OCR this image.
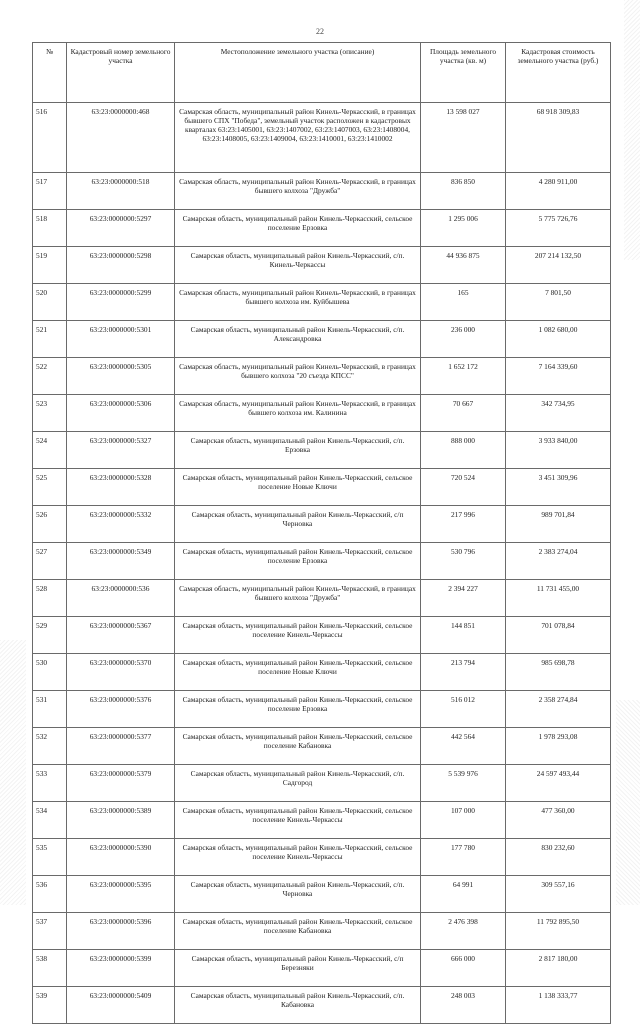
22
№	Кадастровый номер земельного участка	Местоположение земельного участка (описание)	Площадь земельного участка (кв. м)	Кадастровая стоимость земельного участка (руб.)
516	63:23:0000000:468	Самарская область, муниципальный район Кинель-Черкасский, в границах бывшего СПХ "Победа", земельный участок расположен в кадастровых кварталах 63:23:1405001, 63:23:1407002, 63:23:1407003, 63:23:1408004, 63:23:1408005, 63:23:1409004, 63:23:1410001, 63:23:1410002	13 598 027	68 918 309,83
517	63:23:0000000:518	Самарская область, муниципальный район Кинель-Черкасский, в границах бывшего колхоза "Дружба"	836 850	4 280 911,00
518	63:23:0000000:5297	Самарская область, муниципальный район Кинель-Черкасский, сельское поселение Ерзовка	1 295 006	5 775 726,76
519	63:23:0000000:5298	Самарская область, муниципальный район Кинель-Черкасский, с/п. Кинель-Черкассы	44 936 875	207 214 132,50
520	63:23:0000000:5299	Самарская область, муниципальный район Кинель-Черкасский, в границах бывшего колхоза им. Куйбышева	165	7 801,50
521	63:23:0000000:5301	Самарская область, муниципальный район Кинель-Черкасский, с/п. Александровка	236 000	1 082 680,00
522	63:23:0000000:5305	Самарская область, муниципальный район Кинель-Черкасский, в границах бывшего колхоза "20 съезда КПСС"	1 652 172	7 164 339,60
523	63:23:0000000:5306	Самарская область, муниципальный район Кинель-Черкасский, в границах бывшего колхоза им. Калинина	70 667	342 734,95
524	63:23:0000000:5327	Самарская область, муниципальный район Кинель-Черкасский, с/п. Ерзовка	888 000	3 933 840,00
525	63:23:0000000:5328	Самарская область, муниципальный район Кинель-Черкасский, сельское поселение Новые Ключи	720 524	3 451 309,96
526	63:23:0000000:5332	Самарская область, муниципальный район Кинель-Черкасский, с/п Черновка	217 996	989 701,84
527	63:23:0000000:5349	Самарская область, муниципальный район Кинель-Черкасский, сельское поселение Ерзовка	530 796	2 383 274,04
528	63:23:0000000:536	Самарская область, муниципальный район Кинель-Черкасский, в границах бывшего колхоза "Дружба"	2 394 227	11 731 455,00
529	63:23:0000000:5367	Самарская область, муниципальный район Кинель-Черкасский, сельское поселение Кинель-Черкассы	144 851	701 078,84
530	63:23:0000000:5370	Самарская область, муниципальный район Кинель-Черкасский, сельское поселение Новые Ключи	213 794	985 698,78
531	63:23:0000000:5376	Самарская область, муниципальный район Кинель-Черкасский, сельское поселение Ерзовка	516 012	2 358 274,84
532	63:23:0000000:5377	Самарская область, муниципальный район Кинель-Черкасский, сельское поселение Кабановка	442 564	1 978 293,08
533	63:23:0000000:5379	Самарская область, муниципальный район Кинель-Черкасский, с/п. Садгород	5 539 976	24 597 493,44
534	63:23:0000000:5389	Самарская область, муниципальный район Кинель-Черкасский, сельское поселение Кинель-Черкассы	107 000	477 360,00
535	63:23:0000000:5390	Самарская область, муниципальный район Кинель-Черкасский, сельское поселение Кинель-Черкассы	177 780	830 232,60
536	63:23:0000000:5395	Самарская область, муниципальный район Кинель-Черкасский, с/п. Черновка	64 991	309 557,16
537	63:23:0000000:5396	Самарская область, муниципальный район Кинель-Черкасский, сельское поселение Кабановка	2 476 398	11 792 895,50
538	63:23:0000000:5399	Самарская область, муниципальный район Кинель-Черкасский, с/п Березняки	666 000	2 817 180,00
539	63:23:0000000:5409	Самарская область, муниципальный район Кинель-Черкасский, с/п. Кабановка	248 003	1 138 333,77
